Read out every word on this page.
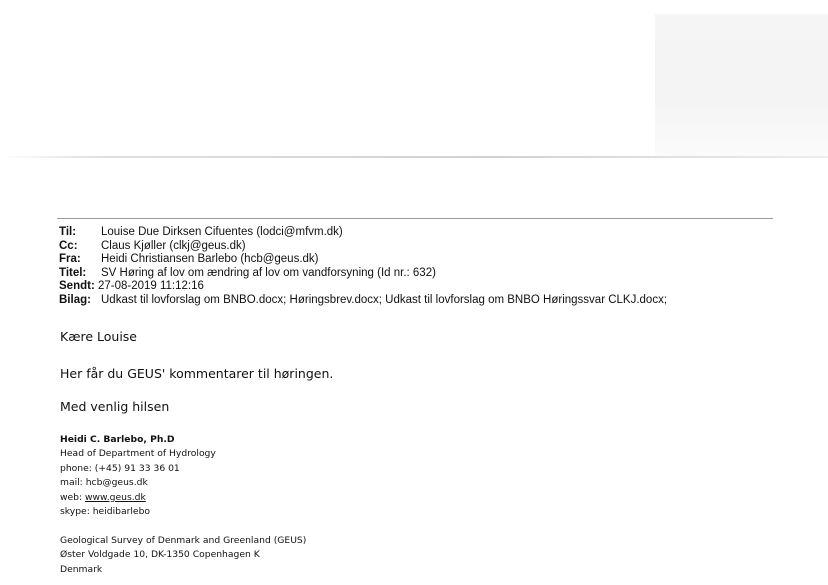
Til:	Louise Due Dirksen Cifuentes (lodci@mfvm.dk)
Cc:	Claus Kjøller (clkj@geus.dk)
Fra:	Heidi Christiansen Barlebo (hcb@geus.dk)
Titel:	SV Høring af lov om ændring af lov om vandforsyning (Id nr.: 632)
Sendt: 27-08-2019 11:12:16
Bilag: Udkast til lovforslag om BNBO.docx; Høringsbrev.docx; Udkast til lovforslag om BNBO Høringssvar CLKJ.docx;
Kære Louise
Her får du GEUS' kommentarer til høringen.
Med venlig hilsen
Heidi C. Barlebo, Ph.D
Head of Department of Hydrology
phone: (+45) 91 33 36 01
mail: hcb@geus.dk
web: www.geus.dk
skype: heidibarlebo
Geological Survey of Denmark and Greenland (GEUS)
Øster Voldgade 10, DK-1350 Copenhagen K
Denmark
